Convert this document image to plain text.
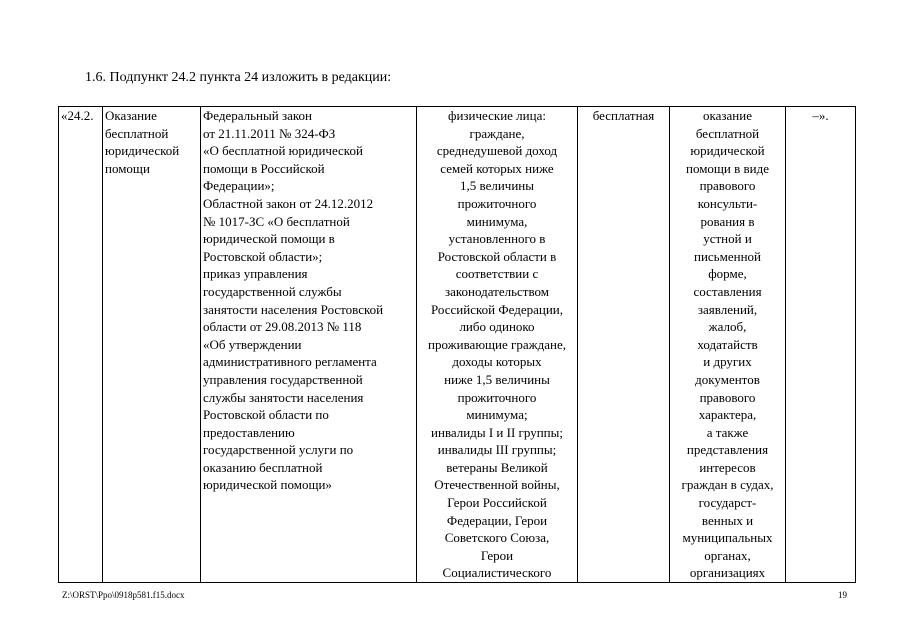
1.6. Подпункт 24.2 пункта 24 изложить в редакции:
«24.2.	Оказание
бесплатной
юридической
помощи	Федеральный закон
от 21.11.2011 № 324-ФЗ
«О бесплатной юридической
помощи в Российской
Федерации»;
Областной закон от 24.12.2012
№ 1017-ЗС «О бесплатной
юридической помощи в
Ростовской области»;
приказ управления
государственной службы
занятости населения Ростовской
области от 29.08.2013 № 118
«Об утверждении
административного регламента
управления государственной
службы занятости населения
Ростовской области по
предоставлению
государственной услуги по
оказанию бесплатной
юридической помощи»	физические лица:
граждане,
среднедушевой доход
семей которых ниже
1,5 величины
прожиточного
минимума,
установленного в
Ростовской области в
соответствии с
законодательством
Российской Федерации,
либо одиноко
проживающие граждане,
доходы которых
ниже 1,5 величины
прожиточного
минимума;
инвалиды I и II группы;
инвалиды III группы;
ветераны Великой
Отечественной войны,
Герои Российской
Федерации, Герои
Советского Союза,
Герои
Социалистического	бесплатная	оказание
бесплатной
юридической
помощи в виде
правового
консульти-
рования в
устной и
письменной
форме,
составления
заявлений,
жалоб,
ходатайств
и других
документов
правового
характера,
а также
представления
интересов
граждан в судах,
государст-
венных и
муниципальных
органах,
организациях	–».
Z:\ORST\Ppo\0918p581.f15.docx	19
